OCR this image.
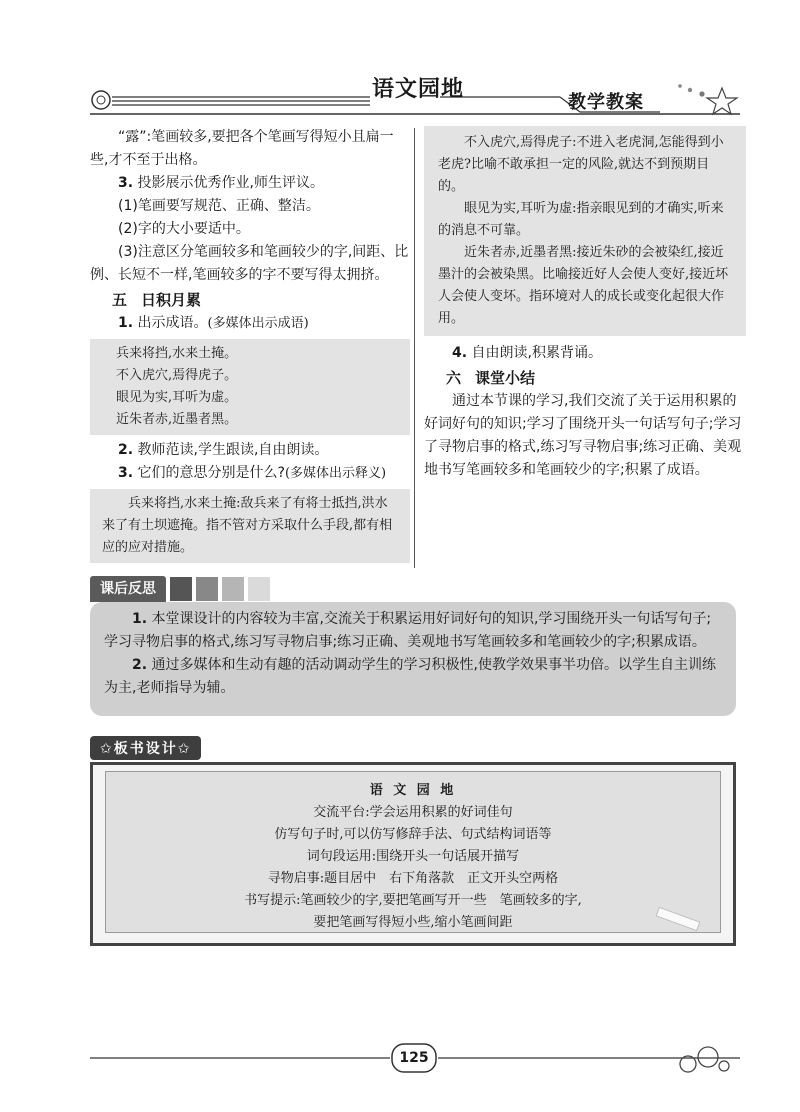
语文园地
教学教案

“露”:笔画较多,要把各个笔画写得短小且扁一些,才不至于出格。

3. 投影展示优秀作业,师生评议。

(1)笔画要写规范、正确、整洁。

(2)字的大小要适中。

(3)注意区分笔画较多和笔画较少的字,间距、比例、长短不一样,笔画较多的字不要写得太拥挤。

五 日积月累

1. 出示成语。(多媒体出示成语)

兵来将挡,水来土掩。
不入虎穴,焉得虎子。
眼见为实,耳听为虚。
近朱者赤,近墨者黑。

2. 教师范读,学生跟读,自由朗读。

3. 它们的意思分别是什么?(多媒体出示释义)

兵来将挡,水来土掩:敌兵来了有将士抵挡,洪水来了有土坝遮掩。指不管对方采取什么手段,都有相应的应对措施。
不入虎穴,焉得虎子:不进入老虎洞,怎能得到小老虎?比喻不敢承担一定的风险,就达不到预期目的。
眼见为实,耳听为虚:指亲眼见到的才确实,听来的消息不可靠。
近朱者赤,近墨者黑:接近朱砂的会被染红,接近墨汁的会被染黑。比喻接近好人会使人变好,接近坏人会使人变坏。指环境对人的成长或变化起很大作用。

4. 自由朗读,积累背诵。

六 课堂小结

通过本节课的学习,我们交流了关于运用积累的好词好句的知识;学习了围绕开头一句话写句子;学习了寻物启事的格式,练习写寻物启事;练习正确、美观地书写笔画较多和笔画较少的字;积累了成语。

课后反思

1. 本堂课设计的内容较为丰富,交流关于积累运用好词好句的知识,学习围绕开头一句话写句子;学习寻物启事的格式,练习写寻物启事;练习正确、美观地书写笔画较多和笔画较少的字;积累成语。

2. 通过多媒体和生动有趣的活动调动学生的学习积极性,使教学效果事半功倍。以学生自主训练为主,老师指导为辅。

✩板书设计✩
语 文 园 地
交流平台:学会运用积累的好词佳句
仿写句子时,可以仿写修辞手法、句式结构词语等
词句段运用:围绕开头一句话展开描写
寻物启事:题目居中　右下角落款　正文开头空两格
书写提示:笔画较少的字,要把笔画写开一些　笔画较多的字,
要把笔画写得短小些,缩小笔画间距
125
